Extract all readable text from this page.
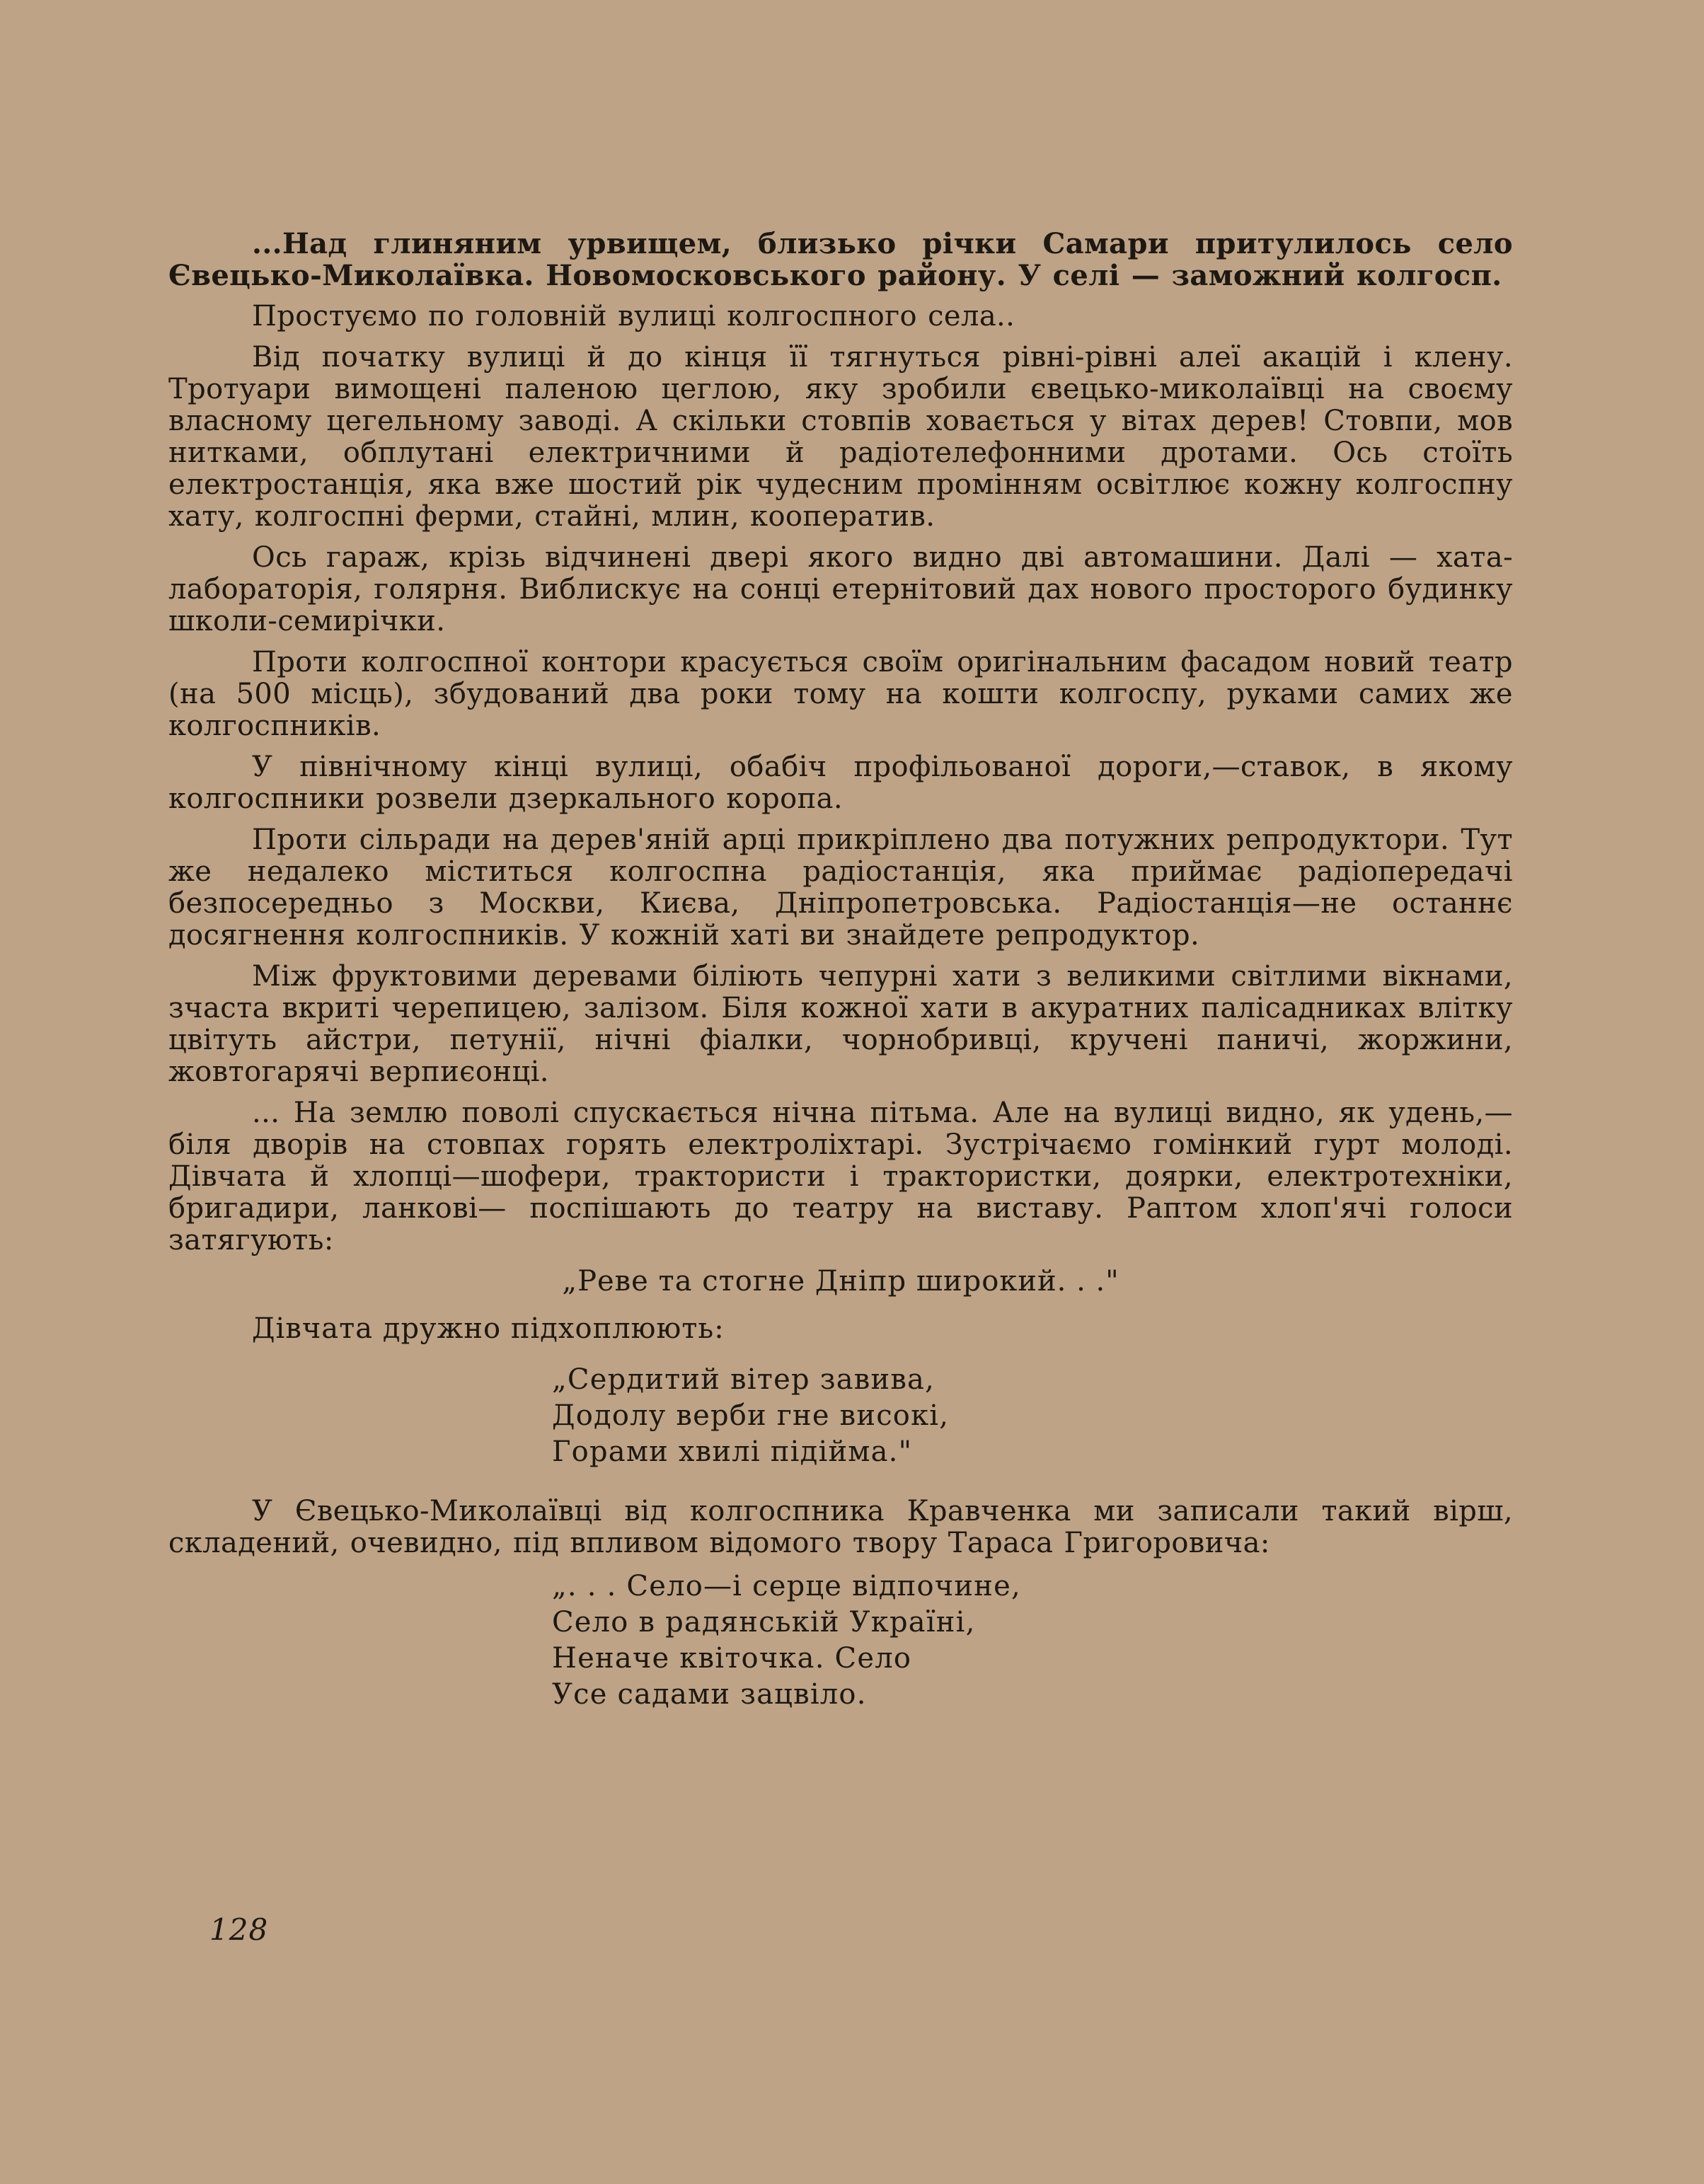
...Над глиняним урвищем, близько річки Самари притулилось село Євецько-Миколаївка. Новомосковського району. У селі — заможний колгосп.

Простуємо по головній вулиці колгоспного села..

Від початку вулиці й до кінця її тягнуться рівні-рівні алеї акацій і клену. Тротуари вимощені паленою цеглою, яку зробили євецько-миколаївці на своєму власному цегельному заводі. А скільки стовпів ховається у вітах дерев! Стовпи, мов нитками, обплутані електричними й радіотелефонними дротами. Ось стоїть електростанція, яка вже шостий рік чудесним промінням освітлює кожну колгоспну хату, колгоспні ферми, стайні, млин, кооператив.

Ось гараж, крізь відчинені двері якого видно дві автомашини. Далі — хата-лабораторія, голярня. Виблискує на сонці етернітовий дах нового просторого будинку школи-семирічки.

Проти колгоспної контори красується своїм оригінальним фасадом новий театр (на 500 місць), збудований два роки тому на кошти колгоспу, руками самих же колгоспників.

У північному кінці вулиці, обабіч профільованої дороги,—ставок, в якому колгоспники розвели дзеркального коропа.

Проти сільради на дерев'яній арці прикріплено два потужних репродуктори. Тут же недалеко міститься колгоспна радіостанція, яка приймає радіопередачі безпосередньо з Москви, Києва, Дніпропетровська. Радіостанція—не останнє досягнення колгоспників. У кожній хаті ви знайдете репродуктор.

Між фруктовими деревами біліють чепурні хати з великими світлими вікнами, зчаста вкриті черепицею, залізом. Біля кожної хати в акуратних палісадниках влітку цвітуть айстри, петунії, нічні фіалки, чорнобривці, кручені паничі, жоржини, жовтогарячі верпиєонці.

... На землю поволі спускається нічна пітьма. Але на вулиці видно, як удень,—біля дворів на стовпах горять електроліхтарі. Зустрічаємо гомінкий гурт молоді. Дівчата й хлопці—шофери, трактористи і трактористки, доярки, електротехніки, бригадири, ланкові— поспішають до театру на виставу. Раптом хлоп'ячі голоси затягують:

„Реве та стогне Дніпр широкий. . ."

Дівчата дружно підхоплюють:

„Сердитий вітер завива,
Додолу верби гне високі,
Горами хвилі підійма."

У Євецько-Миколаївці від колгоспника Кравченка ми записали такий вірш, складений, очевидно, під впливом відомого твору Тараса Григоровича:

„. . . Село—і серце відпочине,
Село в радянській Україні,
Неначе квіточка. Село
Усе садами зацвіло.
128
